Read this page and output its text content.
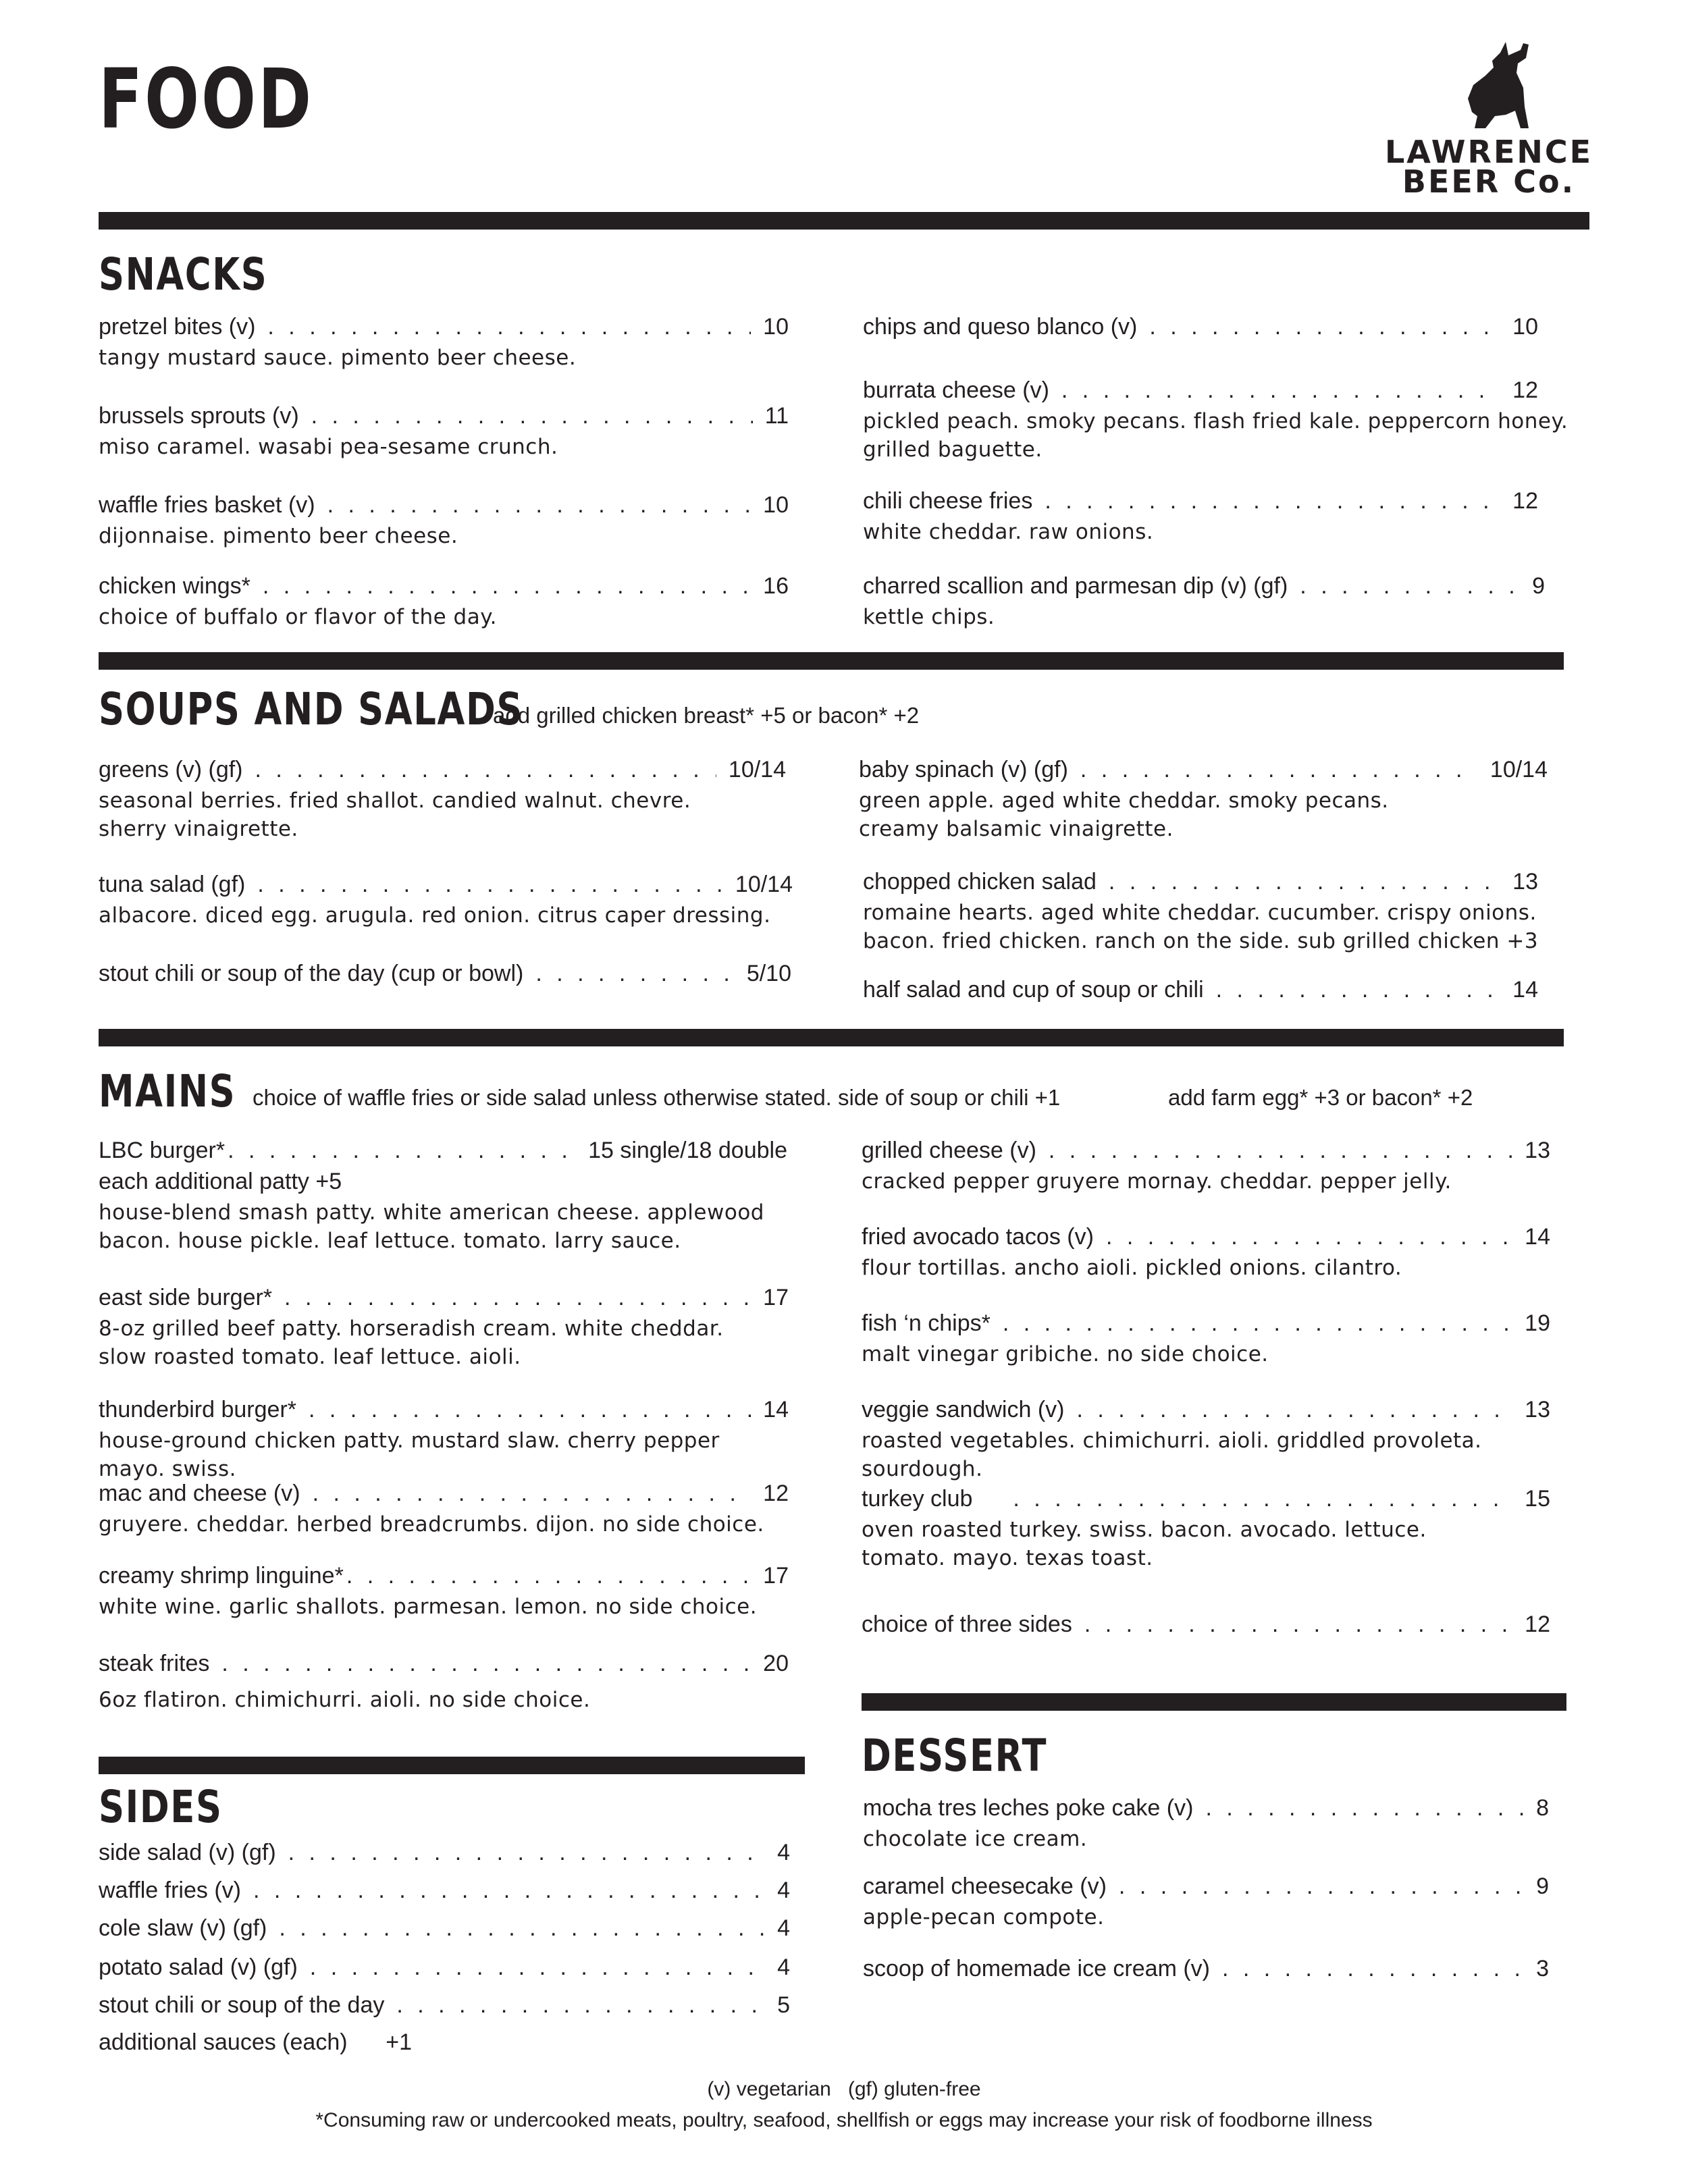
FOOD
LAWRENCE
BEER Co.
SNACKS
pretzel bites (v) . . .	10
tangy mustard sauce. pimento beer cheese.
brussels sprouts (v) . . .	11
miso caramel. wasabi pea-sesame crunch.
waffle fries basket (v) . . .	10
dijonnaise. pimento beer cheese.
chicken wings* . . .	16
choice of buffalo or flavor of the day.
chips and queso blanco (v) . . .	10
burrata cheese (v) . . .	12
pickled peach. smoky pecans. flash fried kale. peppercorn honey. grilled baguette.
chili cheese fries . . .	12
white cheddar. raw onions.
charred scallion and parmesan dip (v) (gf) . . .	9
kettle chips.
SOUPS AND SALADS
add grilled chicken breast* +5 or bacon* +2
greens (v) (gf) . . .	10/14
seasonal berries. fried shallot. candied walnut. chevre. sherry vinaigrette.
tuna salad (gf) . . .	10/14
albacore. diced egg. arugula. red onion. citrus caper dressing.
stout chili or soup of the day (cup or bowl) . . .	5/10
baby spinach (v) (gf) . . .	10/14
green apple. aged white cheddar. smoky pecans. creamy balsamic vinaigrette.
chopped chicken salad . . .	13
romaine hearts. aged white cheddar. cucumber. crispy onions. bacon. fried chicken. ranch on the side. sub grilled chicken +3
half salad and cup of soup or chili . . .	14
MAINS choice of waffle fries or side salad unless otherwise stated. side of soup or chili +1	add farm egg* +3 or bacon* +2
LBC burger* . . .	15 single/18 double
each additional patty +5
house-blend smash patty. white american cheese. applewood bacon. house pickle. leaf lettuce. tomato. larry sauce.
east side burger* . . .	17
8-oz grilled beef patty. horseradish cream. white cheddar. slow roasted tomato. leaf lettuce. aioli.
thunderbird burger* . . .	14
house-ground chicken patty. mustard slaw. cherry pepper mayo. swiss.
mac and cheese (v) . . .	12
gruyere. cheddar. herbed breadcrumbs. dijon. no side choice.
creamy shrimp linguine* . . .	17
white wine. garlic shallots. parmesan. lemon. no side choice.
steak frites . . .	20
6oz flatiron. chimichurri. aioli. no side choice.
grilled cheese (v) . . .	13
cracked pepper gruyere mornay. cheddar. pepper jelly.
fried avocado tacos (v) . . .	14
flour tortillas. ancho aioli. pickled onions. cilantro.
fish ‘n chips* . . .	19
malt vinegar gribiche. no side choice.
veggie sandwich (v) . . .	13
roasted vegetables. chimichurri. aioli. griddled provoleta. sourdough.
turkey club . . .	15
oven roasted turkey. swiss. bacon. avocado. lettuce. tomato. mayo. texas toast.
choice of three sides . . .	12
SIDES
side salad (v) (gf) . . .	4
waffle fries (v) . . .	4
cole slaw (v) (gf) . . .	4
potato salad (v) (gf) . . .	4
stout chili or soup of the day . . .	5
additional sauces (each)      +1
DESSERT
mocha tres leches poke cake (v) . . .	8
chocolate ice cream.
caramel cheesecake (v) . . .	9
apple-pecan compote.
scoop of homemade ice cream (v) . . .	3
(v) vegetarian   (gf) gluten-free
*Consuming raw or undercooked meats, poultry, seafood, shellfish or eggs may increase your risk of foodborne illness
